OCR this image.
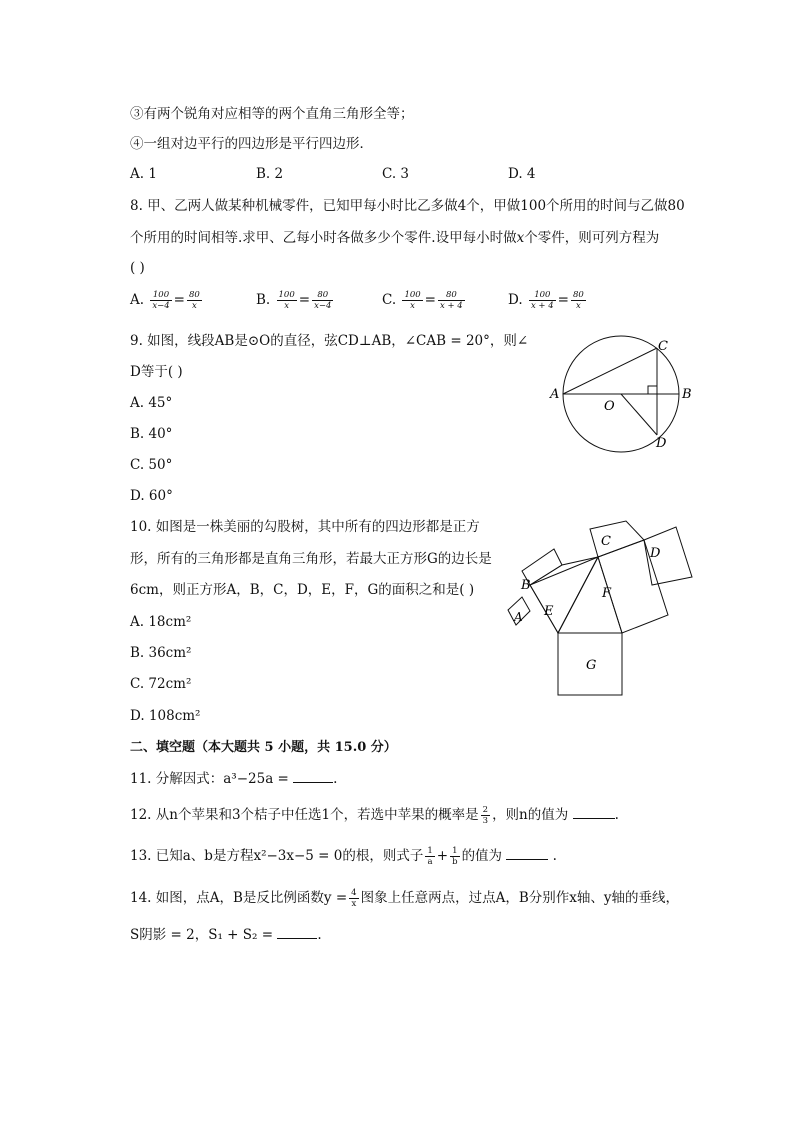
③有两个锐角对应相等的两个直角三角形全等；
④一组对边平行的四边形是平行四边形．
A. 1	B. 2	C. 3	D. 4
8. 甲、乙两人做某种机械零件，已知甲每小时比乙多做4个，甲做100个所用的时间与乙做80
个所用的时间相等.求甲、乙每小时各做多少个零件.设甲每小时做x个零件，则可列方程为
( )
A. $\frac{100}{x-4} = \frac{80}{x}$	B. $\frac{100}{x} = \frac{80}{x-4}$	C. $\frac{100}{x} = \frac{80}{x + 4}$	D. $\frac{100}{x + 4} = \frac{80}{x}$
9. 如图，线段AB是⊙O的直径，弦CD⊥AB，∠CAB = 20°，则∠
D等于( )
A. 45°
B. 40°
C. 50°
D. 60°
A	B
C
D
O
10. 如图是一株美丽的勾股树，其中所有的四边形都是正方
形，所有的三角形都是直角三角形，若最大正方形G的边长是
6cm，则正方形A，B，C，D，E，F，G的面积之和是( )
A. 18cm²
B. 36cm²
C. 72cm²
D. 108cm²
G
F
E
B
A
C
D
二、填空题（本大题共 5 小题，共 15.0 分）
11. 分解因式：a³−25a =	.
12. 从n个苹果和3个桔子中任选1个，若选中苹果的概率是 $\frac{2}{3}$ ，则n的值为	.
13. 已知a、b是方程x²−3x−5 = 0的根，则式子 $\frac{1}{a} + \frac{1}{b}$ 的值为	.
14. 如图，点A，B是反比例函数$y = \frac{4}{x}$ 图象上任意两点，过点A，B分别作x轴、y轴的垂线，
S阴影 = 2，S₁ + S₂ =	.
